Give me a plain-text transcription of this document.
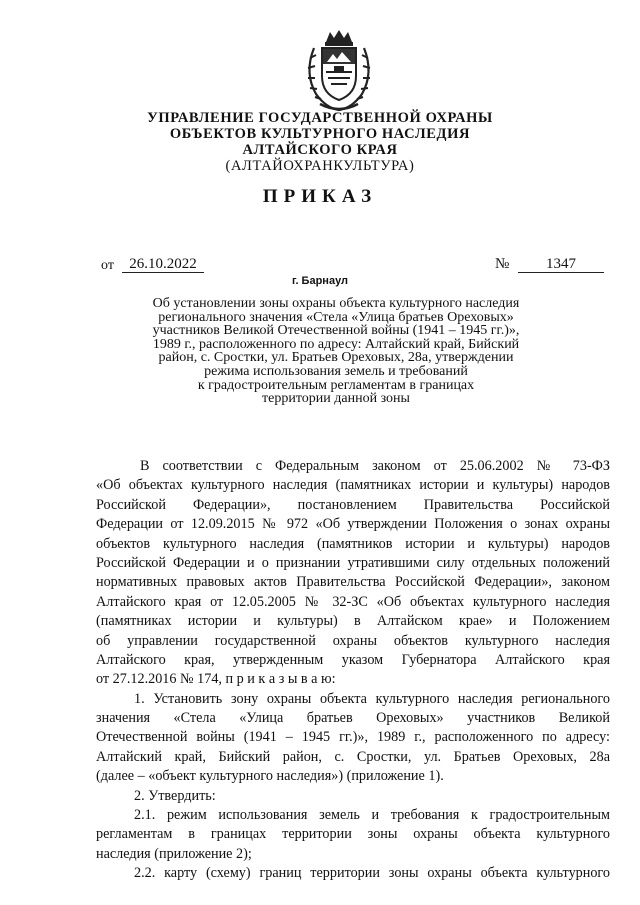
УПРАВЛЕНИЕ ГОСУДАРСТВЕННОЙ ОХРАНЫ
ОБЪЕКТОВ КУЛЬТУРНОГО НАСЛЕДИЯ
АЛТАЙСКОГО КРАЯ
(АЛТАЙОХРАНКУЛЬТУРА)
ПРИКАЗ
от	26.10.2022	№	1347
г. Барнаул
Об установлении зоны охраны объекта культурного наследия
регионального значения «Стела «Улица братьев Ореховых»
участников Великой Отечественной войны (1941 – 1945 гг.)»,
1989 г., расположенного по адресу: Алтайский край, Бийский
район, с. Сростки, ул. Братьев Ореховых, 28а, утверждении
режима использования земель и требований
к градостроительным регламентам в границах
территории данной зоны
В соответствии с Федеральным законом от 25.06.2002 № 73-ФЗ
«Об объектах культурного наследия (памятниках истории и культуры) народов
Российской Федерации», постановлением Правительства Российской
Федерации от 12.09.2015 № 972 «Об утверждении Положения о зонах охраны
объектов культурного наследия (памятников истории и культуры) народов
Российской Федерации и о признании утратившими силу отдельных положений
нормативных правовых актов Правительства Российской Федерации», законом
Алтайского края от 12.05.2005 № 32-ЗС «Об объектах культурного наследия
(памятниках истории и культуры) в Алтайском крае» и Положением
об управлении государственной охраны объектов культурного наследия
Алтайского края, утвержденным указом Губернатора Алтайского края
от 27.12.2016 № 174, п р и к а з ы в а ю:
1. Установить зону охраны объекта культурного наследия регионального
значения «Стела «Улица братьев Ореховых» участников Великой
Отечественной войны (1941 – 1945 гг.)», 1989 г., расположенного по адресу:
Алтайский край, Бийский район, с. Сростки, ул. Братьев Ореховых, 28а
(далее – «объект культурного наследия») (приложение 1).
2. Утвердить:
2.1. режим использования земель и требования к градостроительным
регламентам в границах территории зоны охраны объекта культурного
наследия (приложение 2);
2.2. карту (схему) границ территории зоны охраны объекта культурного
